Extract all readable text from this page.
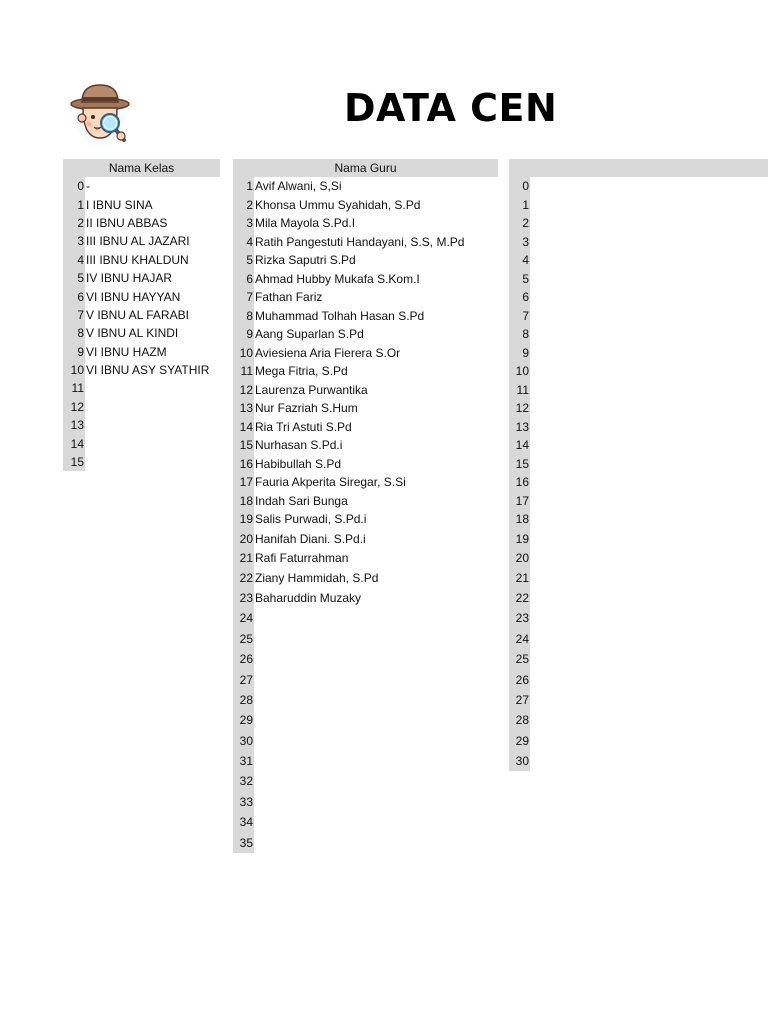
DATA CEN
Nama Kelas	
0	-
1	I IBNU SINA
2	II IBNU ABBAS
3	III IBNU AL JAZARI
4	III IBNU KHALDUN
5	IV IBNU HAJAR
6	VI IBNU HAYYAN
7	V IBNU AL FARABI
8	V IBNU AL KINDI
9	VI IBNU HAZM
10	VI IBNU ASY SYATHIR
11	
12	
13	
14	
15	
Nama Guru	
1	Avif Alwani, S,Si
2	Khonsa Ummu Syahidah, S.Pd
3	Mila Mayola S.Pd.I
4	Ratih Pangestuti Handayani, S.S, M.Pd
5	Rizka Saputri S.Pd
6	Ahmad Hubby Mukafa S.Kom.I
7	Fathan Fariz
8	Muhammad Tolhah Hasan S.Pd
9	Aang Suparlan S.Pd
10	Aviesiena Aria Fierera S.Or
11	Mega Fitria, S.Pd
12	Laurenza Purwantika
13	Nur Fazriah S.Hum
14	Ria Tri Astuti S.Pd
15	Nurhasan S.Pd.i
16	Habibullah S.Pd
17	Fauria Akperita Siregar, S.Si
18	Indah Sari Bunga
19	Salis Purwadi, S.Pd.i
20	Hanifah Diani. S.Pd.i
21	Rafi Faturrahman
22	Ziany Hammidah, S.Pd
23	Baharuddin Muzaky
24	
25	
26	
27	
28	
29	
30	
31	
32	
33	
34	
35	

0	
1	
2	
3	
4	
5	
6	
7	
8	
9	
10	
11	
12	
13	
14	
15	
16	
17	
18	
19	
20	
21	
22	
23	
24	
25	
26	
27	
28	
29	
30	
